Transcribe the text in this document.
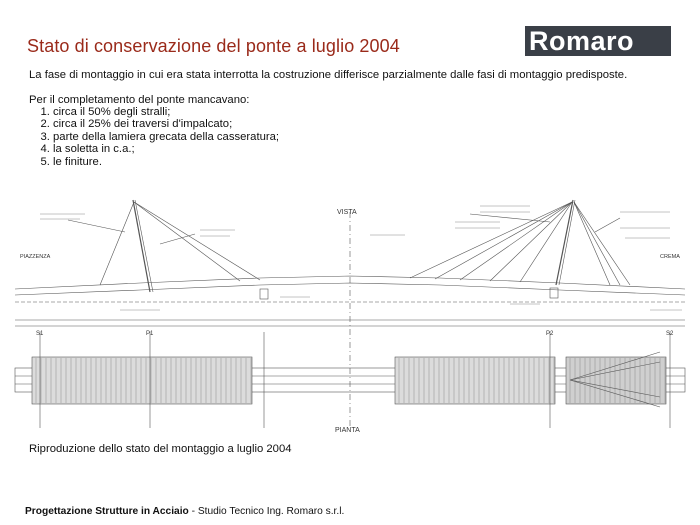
Stato di conservazione del ponte a luglio 2004	Romaro
La fase di montaggio in cui era stata interrotta la costruzione differisce parzialmente dalle fasi di montaggio predisposte.
Per il completamento del ponte mancavano:
1. circa il 50% degli stralli;
2. circa il 25% dei traversi d'impalcato;
3. parte della lamiera grecata della casseratura;
4. la soletta in c.a.;
5. le finiture.
VISTA
PIAZZENZA	CREMA
S1	P1	P2	S2
PIANTA
Riproduzione dello stato del montaggio a luglio 2004
Progettazione Strutture in Acciaio - Studio Tecnico Ing. Romaro s.r.l.
